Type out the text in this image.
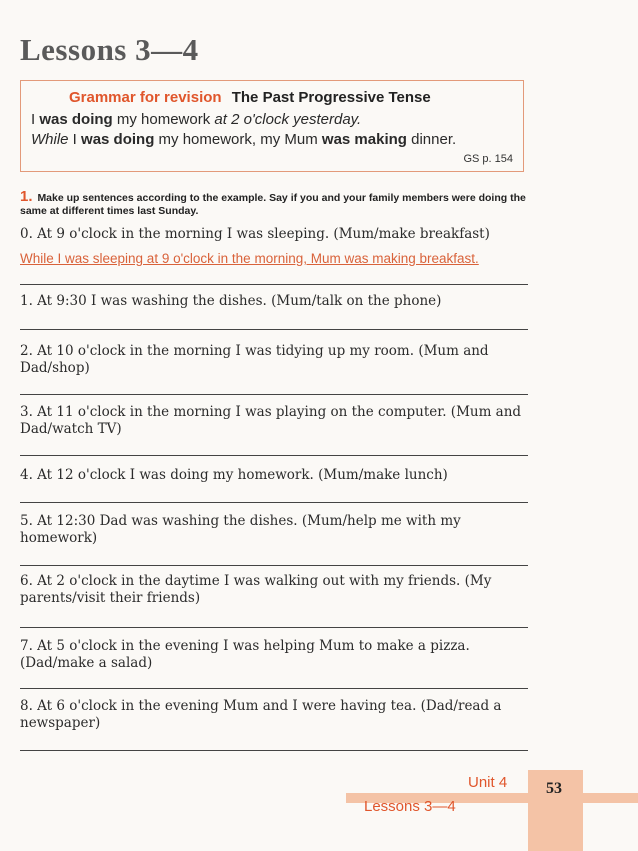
Lessons 3—4
Grammar for revision The Past Progressive Tense
I was doing my homework at 2 o'clock yesterday.
While I was doing my homework, my Mum was making dinner.
GS p. 154
1. Make up sentences according to the example. Say if you and your family members were doing the same at different times last Sunday.
0. At 9 o'clock in the morning I was sleeping. (Mum/make breakfast)
While I was sleeping at 9 o'clock in the morning, Mum was making breakfast.
1. At 9:30 I was washing the dishes. (Mum/talk on the phone)
2. At 10 o'clock in the morning I was tidying up my room. (Mum and Dad/shop)
3. At 11 o'clock in the morning I was playing on the computer. (Mum and Dad/watch TV)
4. At 12 o'clock I was doing my homework. (Mum/make lunch)
5. At 12:30 Dad was washing the dishes. (Mum/help me with my homework)
6. At 2 o'clock in the daytime I was walking out with my friends. (My parents/visit their friends)
7. At 5 o'clock in the evening I was helping Mum to make a pizza. (Dad/make a salad)
8. At 6 o'clock in the evening Mum and I were having tea. (Dad/read a newspaper)
Unit 4
Lessons 3—4
53
